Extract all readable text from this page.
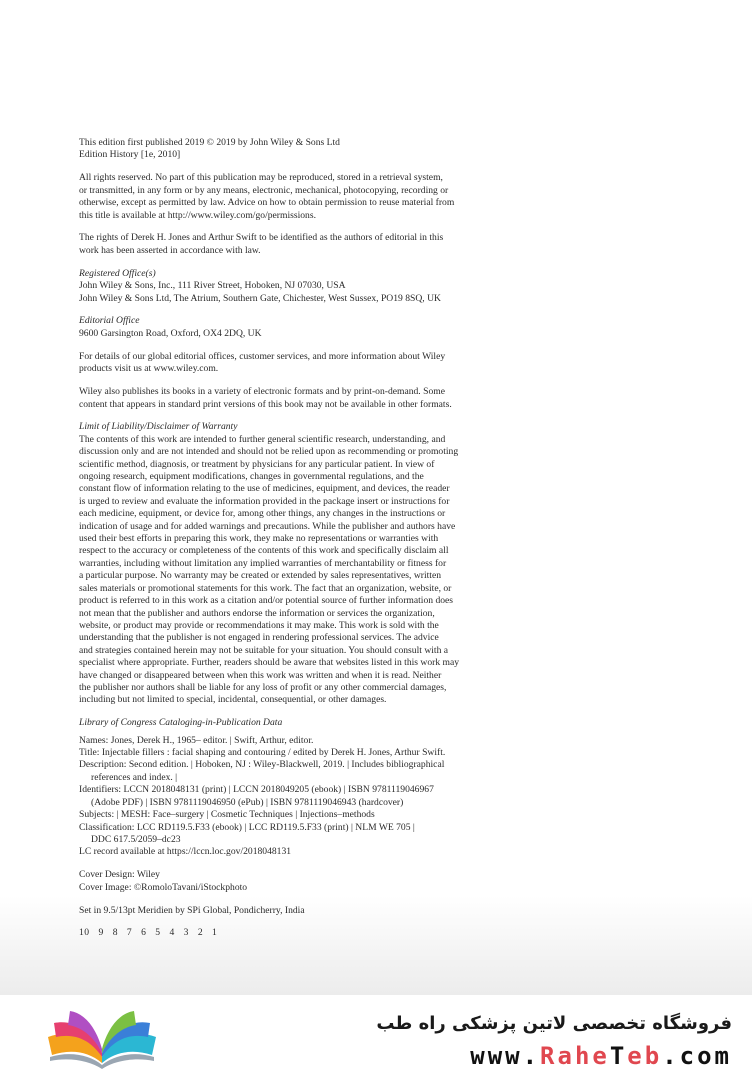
This edition first published 2019 © 2019 by John Wiley & Sons Ltd

Edition History [1e, 2010]

All rights reserved. No part of this publication may be reproduced, stored in a retrieval system,

or transmitted, in any form or by any means, electronic, mechanical, photocopying, recording or

otherwise, except as permitted by law. Advice on how to obtain permission to reuse material from

this title is available at http://www.wiley.com/go/permissions.

The rights of Derek H. Jones and Arthur Swift to be identified as the authors of editorial in this

work has been asserted in accordance with law.

Registered Office(s)

John Wiley & Sons, Inc., 111 River Street, Hoboken, NJ 07030, USA

John Wiley & Sons Ltd, The Atrium, Southern Gate, Chichester, West Sussex, PO19 8SQ, UK

Editorial Office

9600 Garsington Road, Oxford, OX4 2DQ, UK

For details of our global editorial offices, customer services, and more information about Wiley

products visit us at www.wiley.com.

Wiley also publishes its books in a variety of electronic formats and by print-on-demand. Some

content that appears in standard print versions of this book may not be available in other formats.

Limit of Liability/Disclaimer of Warranty

The contents of this work are intended to further general scientific research, understanding, and

discussion only and are not intended and should not be relied upon as recommending or promoting

scientific method, diagnosis, or treatment by physicians for any particular patient. In view of

ongoing research, equipment modifications, changes in governmental regulations, and the

constant flow of information relating to the use of medicines, equipment, and devices, the reader

is urged to review and evaluate the information provided in the package insert or instructions for

each medicine, equipment, or device for, among other things, any changes in the instructions or

indication of usage and for added warnings and precautions. While the publisher and authors have

used their best efforts in preparing this work, they make no representations or warranties with

respect to the accuracy or completeness of the contents of this work and specifically disclaim all

warranties, including without limitation any implied warranties of merchantability or fitness for

a particular purpose. No warranty may be created or extended by sales representatives, written

sales materials or promotional statements for this work. The fact that an organization, website, or

product is referred to in this work as a citation and/or potential source of further information does

not mean that the publisher and authors endorse the information or services the organization,

website, or product may provide or recommendations it may make. This work is sold with the

understanding that the publisher is not engaged in rendering professional services. The advice

and strategies contained herein may not be suitable for your situation. You should consult with a

specialist where appropriate. Further, readers should be aware that websites listed in this work may

have changed or disappeared between when this work was written and when it is read. Neither

the publisher nor authors shall be liable for any loss of profit or any other commercial damages,

including but not limited to special, incidental, consequential, or other damages.

Library of Congress Cataloging-in-Publication Data

Names: Jones, Derek H., 1965– editor. | Swift, Arthur, editor.

Title: Injectable fillers : facial shaping and contouring / edited by Derek H. Jones, Arthur Swift.

Description: Second edition. | Hoboken, NJ : Wiley-Blackwell, 2019. | Includes bibliographical

references and index. |

Identifiers: LCCN 2018048131 (print) | LCCN 2018049205 (ebook) | ISBN 9781119046967

(Adobe PDF) | ISBN 9781119046950 (ePub) | ISBN 9781119046943 (hardcover)

Subjects: | MESH: Face–surgery | Cosmetic Techniques | Injections–methods

Classification: LCC RD119.5.F33 (ebook) | LCC RD119.5.F33 (print) | NLM WE 705 |

DDC 617.5/2059–dc23

LC record available at https://lccn.loc.gov/2018048131

Cover Design: Wiley

Cover Image: ©RomoloTavani/iStockphoto

Set in 9.5/13pt Meridien by SPi Global, Pondicherry, India

10 9 8 7 6 5 4 3 2 1

فروشگاه تخصصی لاتین پزشکی راه طب
www.RaheTeb.com
